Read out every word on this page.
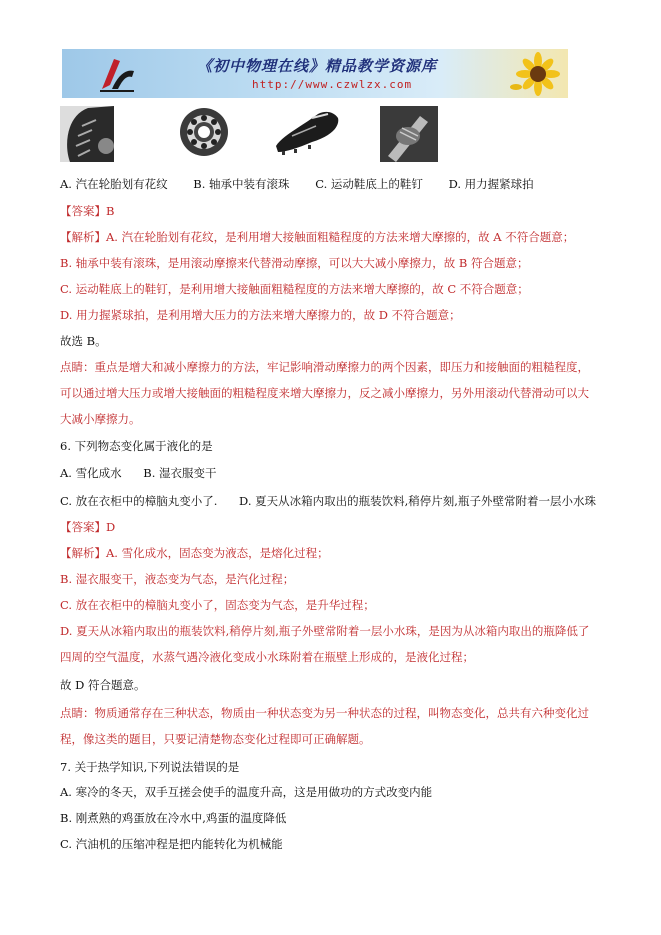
《初中物理在线》精品教学资源库
http://www.czwlzx.com
A. 汽在轮胎划有花纹 B. 轴承中装有滚珠 C. 运动鞋底上的鞋钉 D. 用力握紧球拍
【答案】B
【解析】A. 汽在轮胎划有花纹，是利用增大接触面粗糙程度的方法来增大摩擦的，故 A 不符合题意；
B. 轴承中装有滚珠，是用滚动摩擦来代替滑动摩擦，可以大大减小摩擦力，故 B 符合题意；
C. 运动鞋底上的鞋钉，是利用增大接触面粗糙程度的方法来增大摩擦的，故 C 不符合题意；
D. 用力握紧球拍，是利用增大压力的方法来增大摩擦力的，故 D 不符合题意；
故选 B。
点睛：重点是增大和减小摩擦力的方法，牢记影响滑动摩擦力的两个因素，即压力和接触面的粗糙程度，
可以通过增大压力或增大接触面的粗糙程度来增大摩擦力，反之减小摩擦力，另外用滚动代替滑动可以大
大减小摩擦力。
6. 下列物态变化属于液化的是
A. 雪化成水 B. 湿衣服变干
C. 放在衣柜中的樟脑丸变小了. D. 夏天从冰箱内取出的瓶装饮料,稍停片刻,瓶子外壁常附着一层小水珠
【答案】D
【解析】A. 雪化成水，固态变为液态，是熔化过程；
B. 湿衣服变干，液态变为气态，是汽化过程；
C. 放在衣柜中的樟脑丸变小了，固态变为气态，是升华过程；
D. 夏天从冰箱内取出的瓶装饮料,稍停片刻,瓶子外壁常附着一层小水珠，是因为从冰箱内取出的瓶降低了
四周的空气温度，水蒸气遇冷液化变成小水珠附着在瓶壁上形成的，是液化过程；
故 D 符合题意。
点睛：物质通常存在三种状态，物质由一种状态变为另一种状态的过程，叫物态变化，总共有六种变化过
程，像这类的题目，只要记清楚物态变化过程即可正确解题。
7. 关于热学知识,下列说法错误的是
A. 寒冷的冬天，双手互搓会使手的温度升高，这是用做功的方式改变内能
B. 刚煮熟的鸡蛋放在冷水中,鸡蛋的温度降低
C. 汽油机的压缩冲程是把内能转化为机械能
